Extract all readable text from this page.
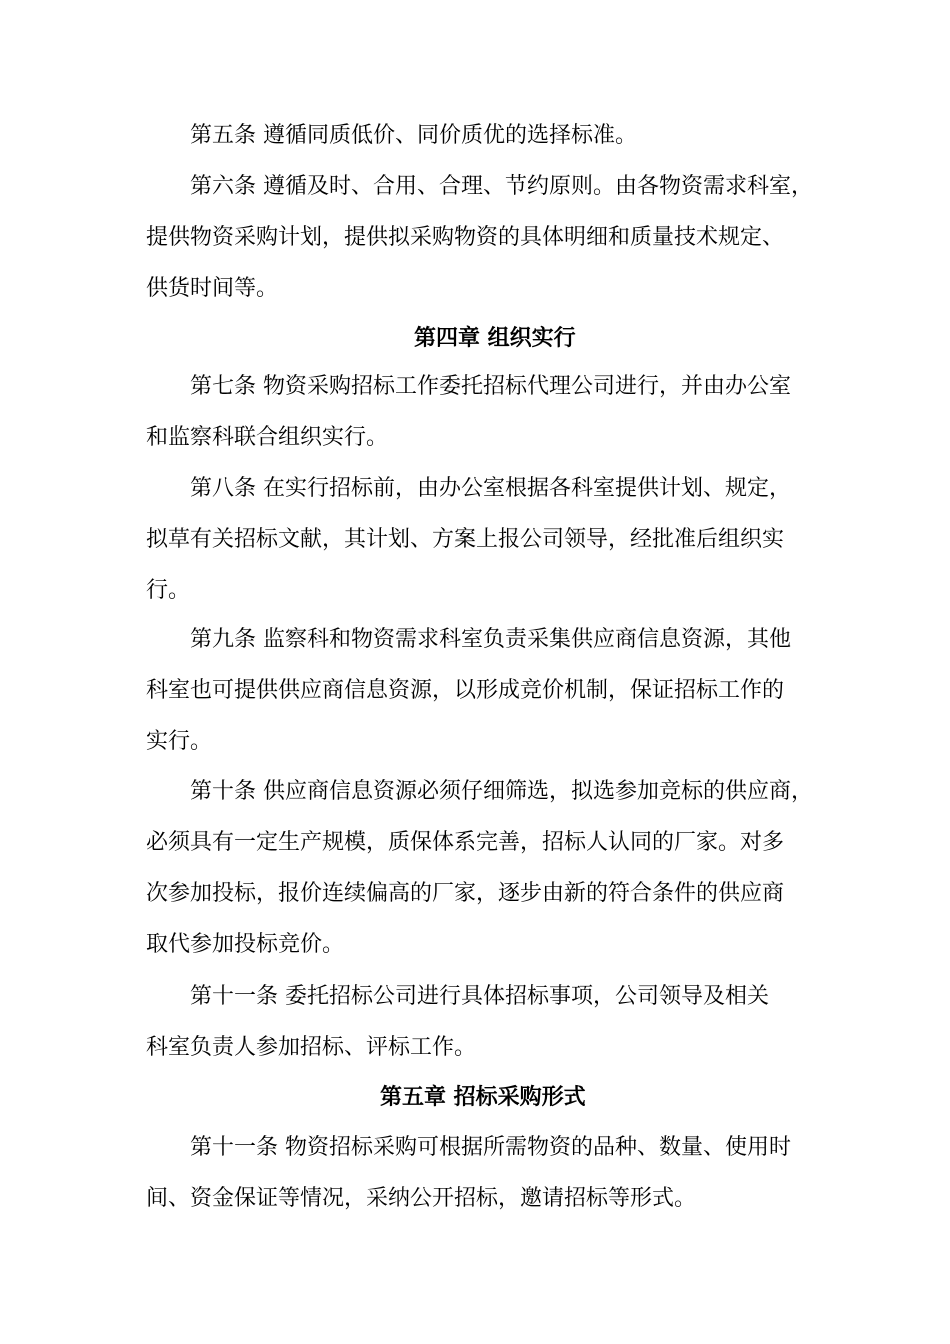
第五条 遵循同质低价、同价质优的选择标准。
第六条 遵循及时、合用、合理、节约原则。由各物资需求科室，
提供物资采购计划，提供拟采购物资的具体明细和质量技术规定、
供货时间等。
第四章 组织实行
第七条 物资采购招标工作委托招标代理公司进行，并由办公室
和监察科联合组织实行。
第八条 在实行招标前，由办公室根据各科室提供计划、规定，
拟草有关招标文献，其计划、方案上报公司领导，经批准后组织实
行。
第九条 监察科和物资需求科室负责采集供应商信息资源，其他
科室也可提供供应商信息资源，以形成竞价机制，保证招标工作的
实行。
第十条 供应商信息资源必须仔细筛选，拟选参加竞标的供应商，
必须具有一定生产规模，质保体系完善，招标人认同的厂家。对多
次参加投标，报价连续偏高的厂家，逐步由新的符合条件的供应商
取代参加投标竞价。
第十一条 委托招标公司进行具体招标事项，公司领导及相关
科室负责人参加招标、评标工作。
第五章 招标采购形式
第十一条 物资招标采购可根据所需物资的品种、数量、使用时
间、资金保证等情况，采纳公开招标，邀请招标等形式。
